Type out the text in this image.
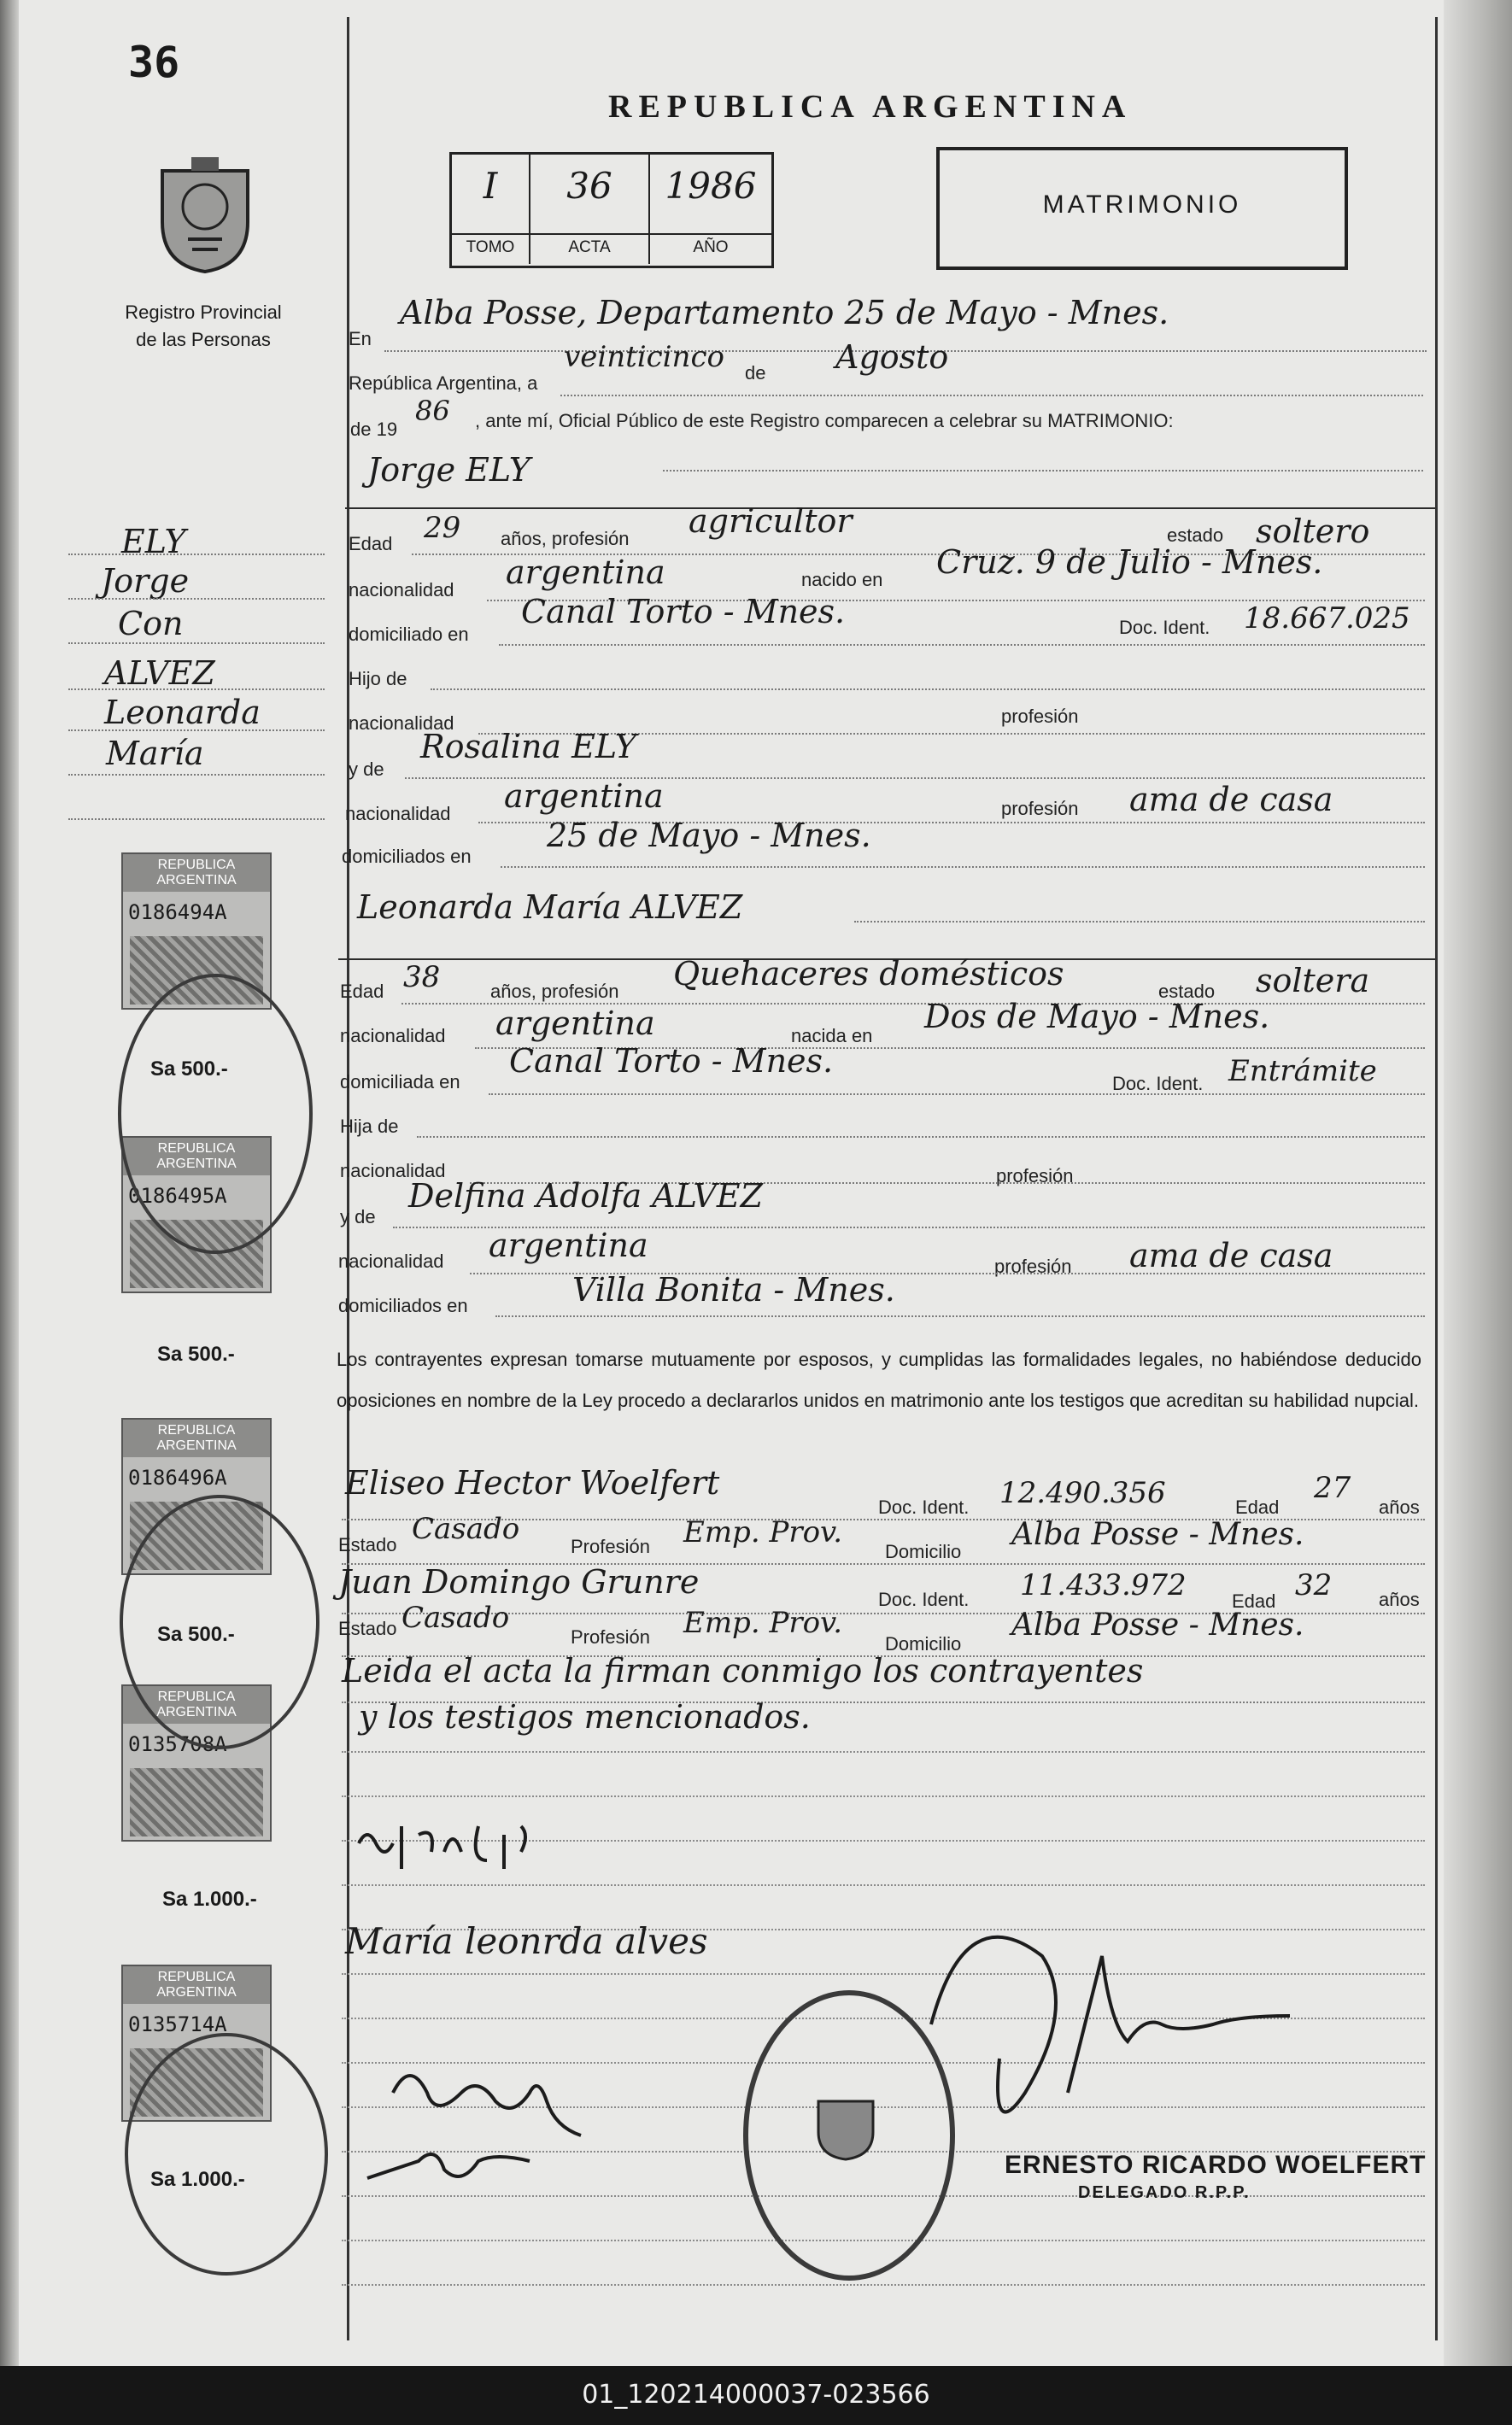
36
Registro Provincial
de las Personas
REPUBLICA ARGENTINA
I
TOMO
36
ACTA
1986
AÑO
MATRIMONIO
ELY
Jorge
Con
ALVEZ
Leonarda
María
REPUBLICA ARGENTINA
0186494A
Sa 500.-
REPUBLICA ARGENTINA
0186495A
Sa 500.-
REPUBLICA ARGENTINA
0186496A
Sa 500.-
REPUBLICA ARGENTINA
0135708A
Sa 1.000.-
REPUBLICA ARGENTINA
0135714A
Sa 1.000.-
En
Alba Posse, Departamento 25 de Mayo - Mnes.
República Argentina, a
veinticinco de Agosto
de 19
86 , ante mí, Oficial Público de este Registro comparecen a celebrar su MATRIMONIO:
Jorge ELY
Edad 29 años, profesión agricultor	estado soltero
nacionalidad argentina	nacido en Cruz. 9 de Julio - Mnes.
domiciliado en
Canal Torto - Mnes.	Doc. Ident. 18.667.025
Hijo de
nacionalidad	profesión
y de
Rosalina ELY
nacionalidad argentina	profesión ama de casa
domiciliados en
25 de Mayo - Mnes.
Leonarda María ALVEZ
Edad 38	años, profesión Quehaceres domésticos	estado soltera
nacionalidad argentina	nacida en
Dos de Mayo - Mnes.
domiciliada en
Canal Torto - Mnes.
Doc. Ident. Entrámite
Hija de
nacionalidad	profesión
y de
Delfina Adolfa ALVEZ
nacionalidad argentina
profesión ama de casa
domiciliados en	Villa Bonita - Mnes.
Los contrayentes expresan tomarse mutuamente por esposos, y cumplidas las formalidades legales, no habiéndose deducido oposiciones en nombre de la Ley procedo a declararlos unidos en matrimonio ante los testigos que acreditan su habilidad nupcial.
Eliseo Hector Woelfert
Doc. Ident. 12.490.356	Edad
27
años
Estado Casado
Profesión Emp. Prov.
Domicilio Alba Posse - Mnes.
Juan Domingo Grunre	Doc. Ident. 11.433.972 Edad 32 años
Estado Casado
Profesión Emp. Prov.
Domicilio
Alba Posse - Mnes.
Leida el acta la firman conmigo los contrayentes
y los testigos mencionados.
María leonrda alves
ERNESTO RICARDO WOELFERT
DELEGADO R.P.P.
01_120214000037-023566
